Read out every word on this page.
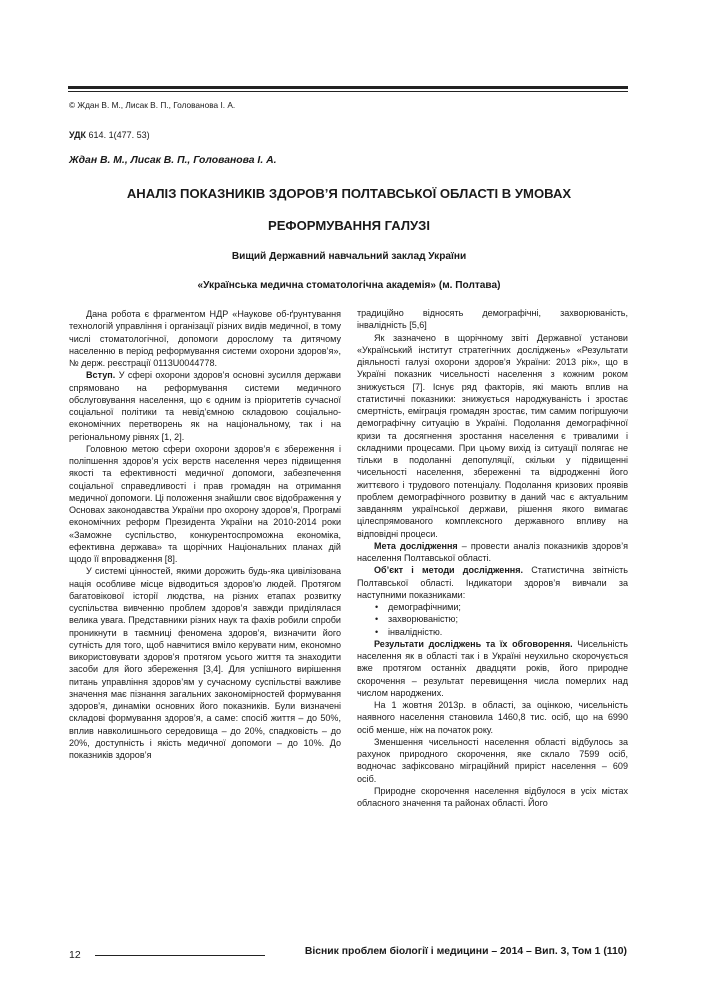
© Ждан В. М., Лисак В. П., Голованова І. А.
УДК 614. 1(477. 53)
Ждан В. М., Лисак В. П., Голованова І. А.
АНАЛІЗ ПОКАЗНИКІВ ЗДОРОВ’Я ПОЛТАВСЬКОЇ ОБЛАСТІ В УМОВАХ
РЕФОРМУВАННЯ ГАЛУЗІ
Вищий Державний навчальний заклад України
«Українська медична стоматологічна академія» (м. Полтава)

Дана робота є фрагментом НДР «Наукове об-ґрунтування технологій управління і організації різних видів медичної, в тому числі стоматологічної, допомоги дорослому та дитячому населенню в період реформування системи охорони здоров’я», № держ. реєстрації 0113U0044778.

Вступ. У сфері охорони здоров’я основні зусилля держави спрямовано на реформування системи медичного обслуговування населення, що є одним із пріоритетів сучасної соціальної політики та невід’ємною складовою соціально-економічних перетворень як на національному, так і на регіональному рівнях [1, 2].

Головною метою сфери охорони здоров’я є збереження і поліпшення здоров’я усіх верств населення через підвищення якості та ефективності медичної допомоги, забезпечення соціальної справедливості і прав громадян на отримання медичної допомоги. Ці положення знайшли своє відображення у Основах законодавства України про охорону здоров’я, Програмі економічних реформ Президента України на 2010-2014 роки «Заможне суспільство, конкурентоспроможна економіка, ефективна держава» та щорічних Національних планах дій щодо її впровадження [8].

У системі цінностей, якими дорожить будь-яка цивілізована нація особливе місце відводиться здоров’ю людей. Протягом багатовікової історії людства, на різних етапах розвитку суспільства вивченню проблем здоров’я завжди приділялася велика увага. Представники різних наук та фахів робили спроби проникнути в таємниці феномена здоров’я, визначити його сутність для того, щоб навчитися вміло керувати ним, економно використовувати здоров’я протягом усього життя та знаходити засоби для його збереження [3,4]. Для успішного вирішення питань управління здоров’ям у сучасному суспільстві важливе значення має пізнання загальних закономірностей формування здоров’я, динаміки основних його показників. Були визначені складові формування здоров’я, а саме: спосіб життя – до 50%, вплив навколишнього середовища – до 20%, спадковість – до 20%, доступність і якість медичної допомоги – до 10%. До показників здоров’я

традиційно відносять демографічні, захворюваність, інвалідність [5,6]

Як зазначено в щорічному звіті Державної установи «Український інститут стратегічних досліджень» «Результати діяльності галузі охорони здоров’я України: 2013 рік», що в Україні показник чисельності населення з кожним роком знижується [7]. Існує ряд факторів, які мають вплив на статистичні показники: знижується народжуваність і зростає смертність, еміграція громадян зростає, тим самим погіршуючи демографічну ситуацію в Україні. Подолання демографічної кризи та досягнення зростання населення є тривалими і складними процесами. При цьому вихід із ситуації полягає не тільки в подоланні депопуляції, скільки у підвищенні чисельності населення, збереженні та відродженні його життєвого і трудового потенціалу. Подолання кризових проявів проблем демографічного розвитку в даний час є актуальним завданням української держави, рішення якого вимагає цілеспрямованого комплексного державного впливу на відповідні процеси.

Мета дослідження – провести аналіз показників здоров’я населення Полтавської області.

Об’єкт і методи дослідження. Статистична звітність Полтавської області. Індикатори здоров’я вивчали за наступними показниками:

• демографічними;
• захворюваністю;
• інвалідністю.

Результати досліджень та їх обговорення. Чисельність населення як в області так і в Україні неухильно скорочується вже протягом останніх двадцяти років, його природне скорочення – результат перевищення числа померлих над числом народжених.

На 1 жовтня 2013р. в області, за оцінкою, чисельність наявного населення становила 1460,8 тис. осіб, що на 6990 осіб менше, ніж на початок року.

Зменшення чисельності населення області відбулось за рахунок природного скорочення, яке склало 7599 осіб, водночас зафіксовано міграційний приріст населення – 609 осіб.

Природне скорочення населення відбулося в усіх містах обласного значення та районах області. Його

12	Вісник проблем біології і медицини – 2014 – Вип. 3, Том 1 (110)
